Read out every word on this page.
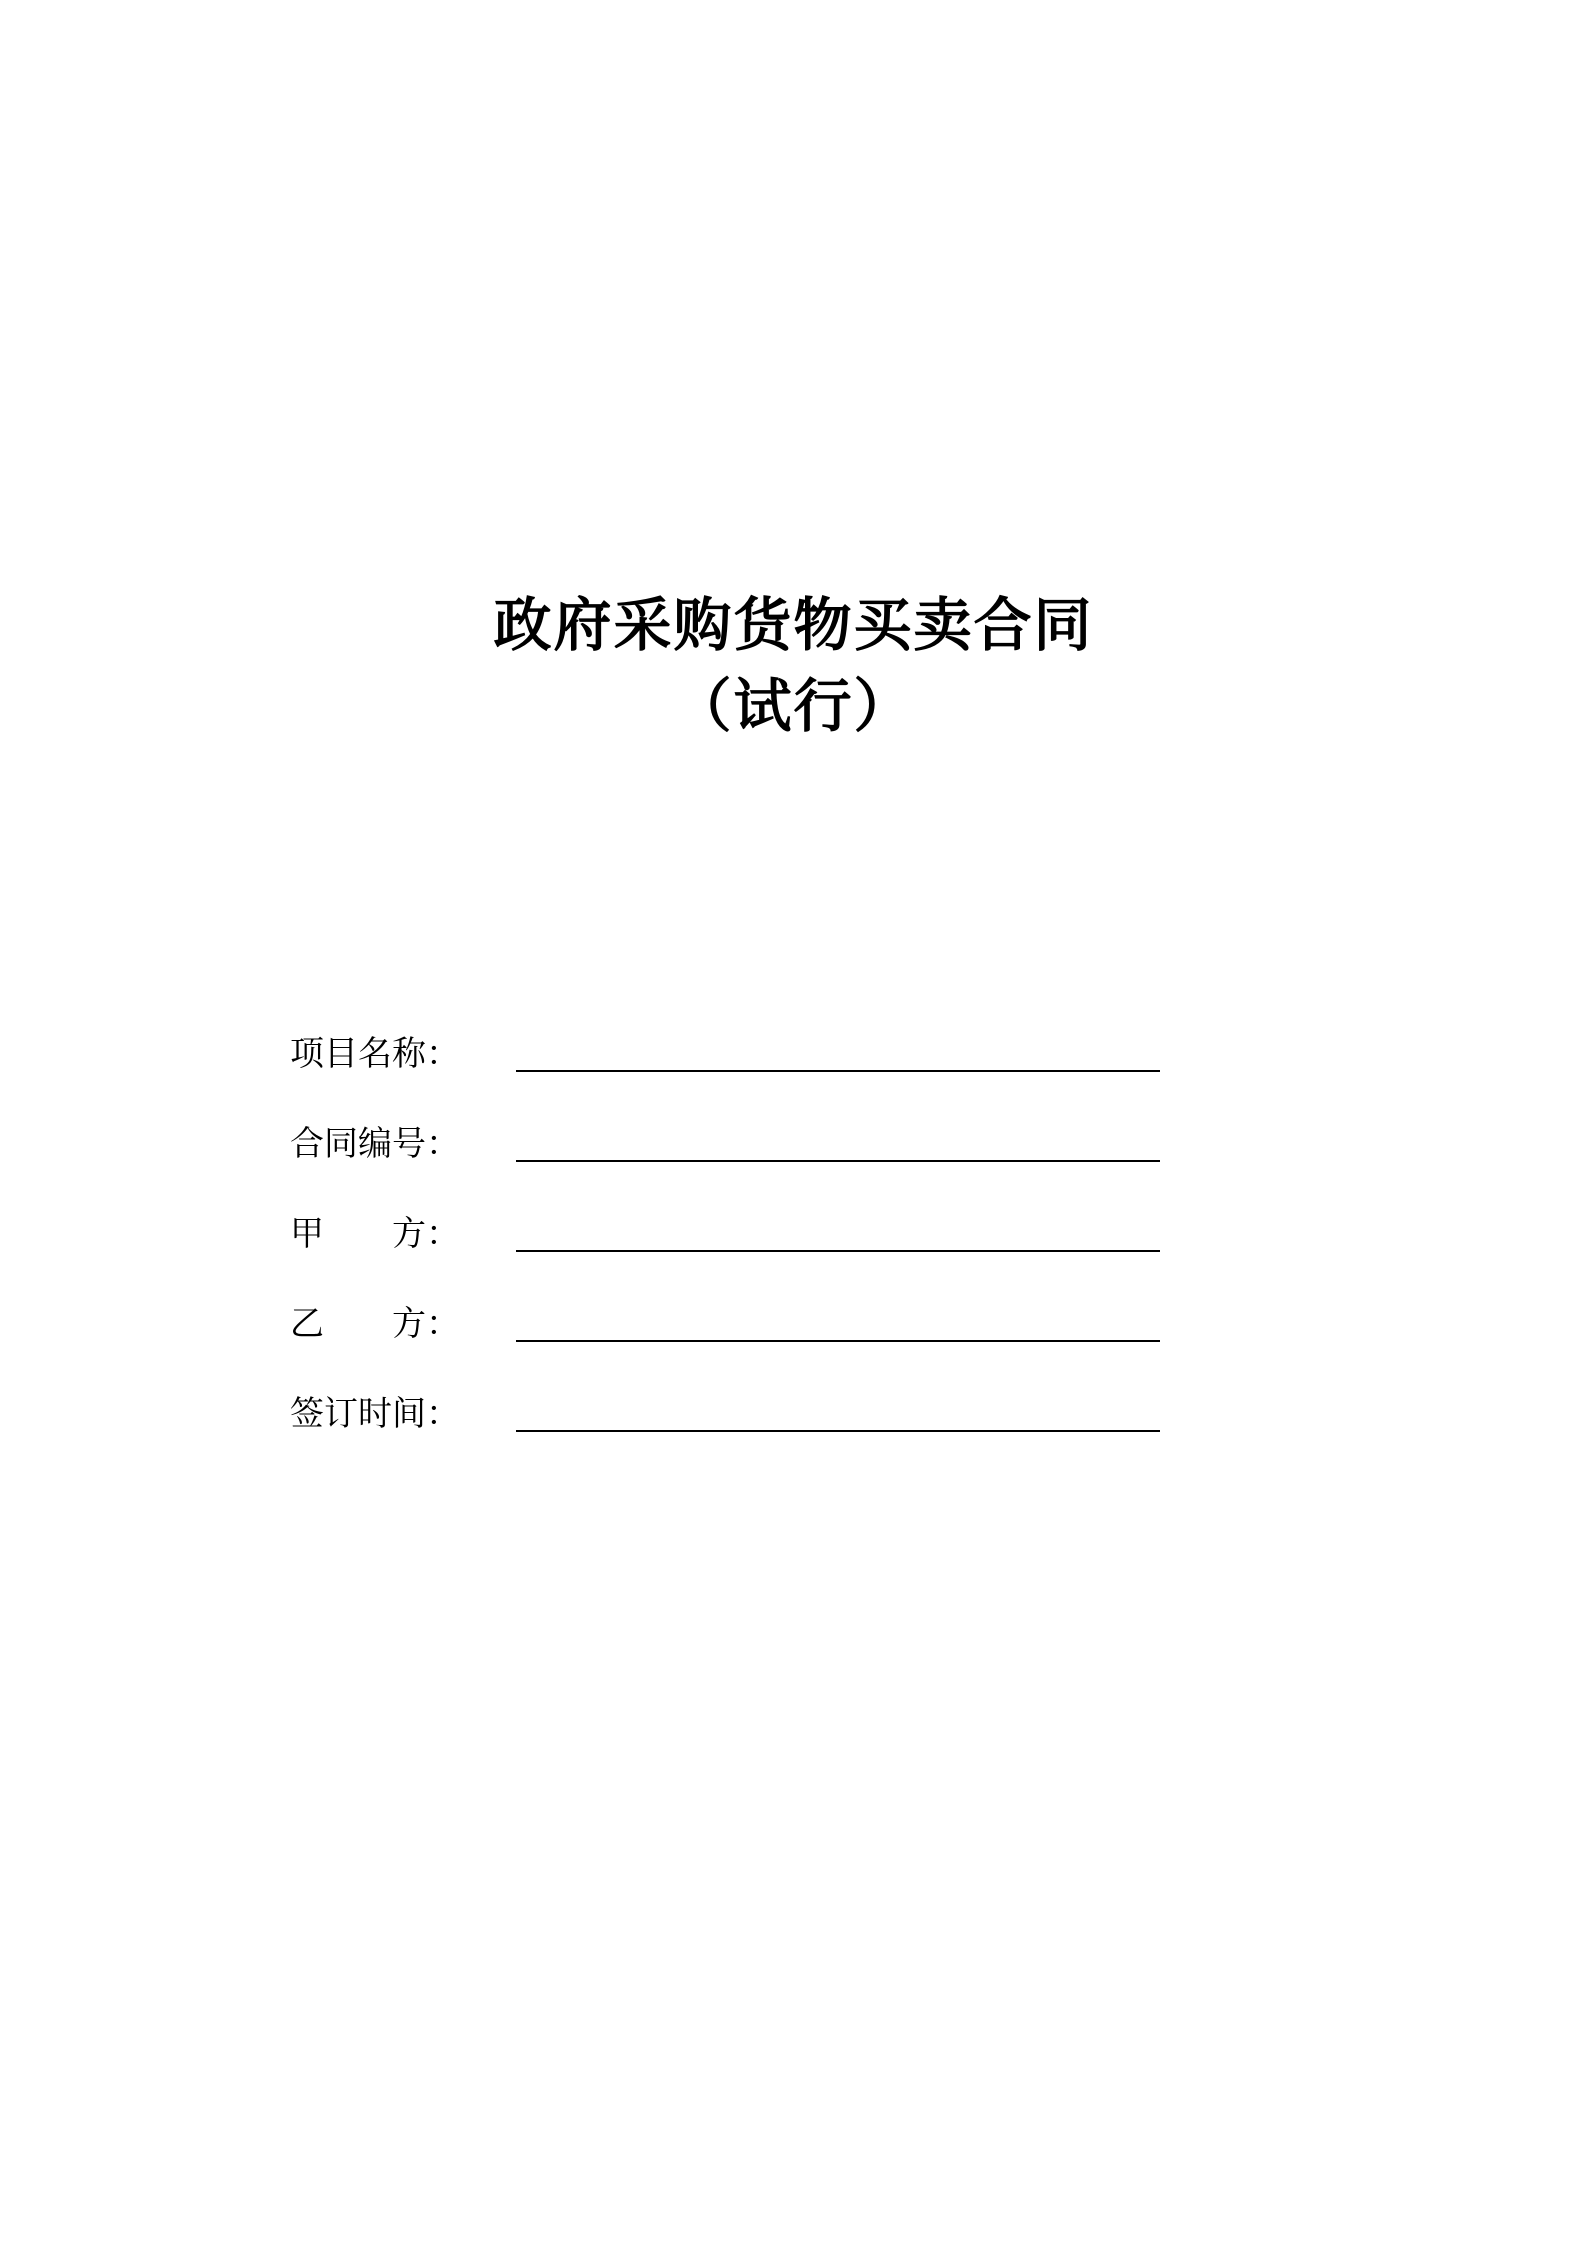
政府采购货物买卖合同
（试行）
项目名称：
合同编号：
甲　　方：
乙　　方：
签订时间：
